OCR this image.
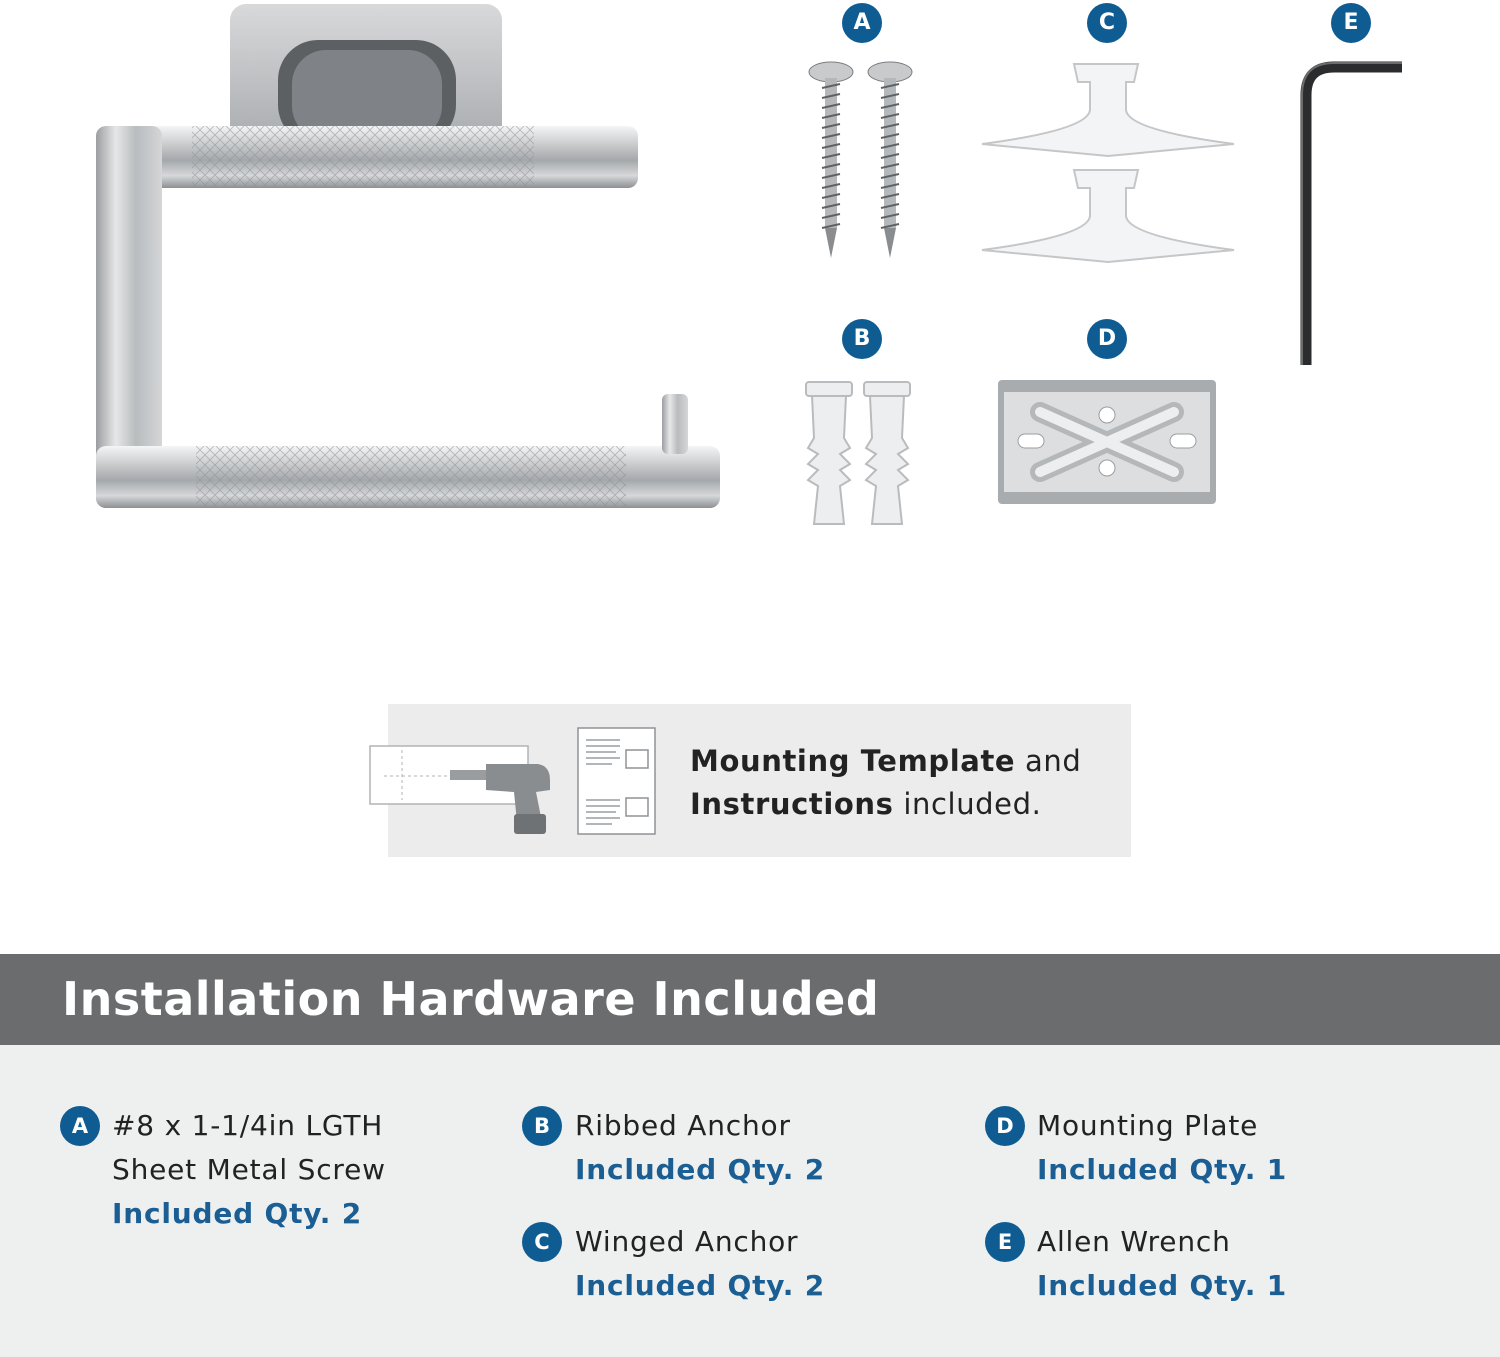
A	C	E
B	D
Mounting Template and
Instructions included.
Installation Hardware Included
A #8 x 1-1/4in LGTH
Sheet Metal Screw
Included Qty. 2
B Ribbed Anchor
Included Qty. 2
C Winged Anchor
Included Qty. 2
D Mounting Plate
Included Qty. 1
E Allen Wrench
Included Qty. 1
